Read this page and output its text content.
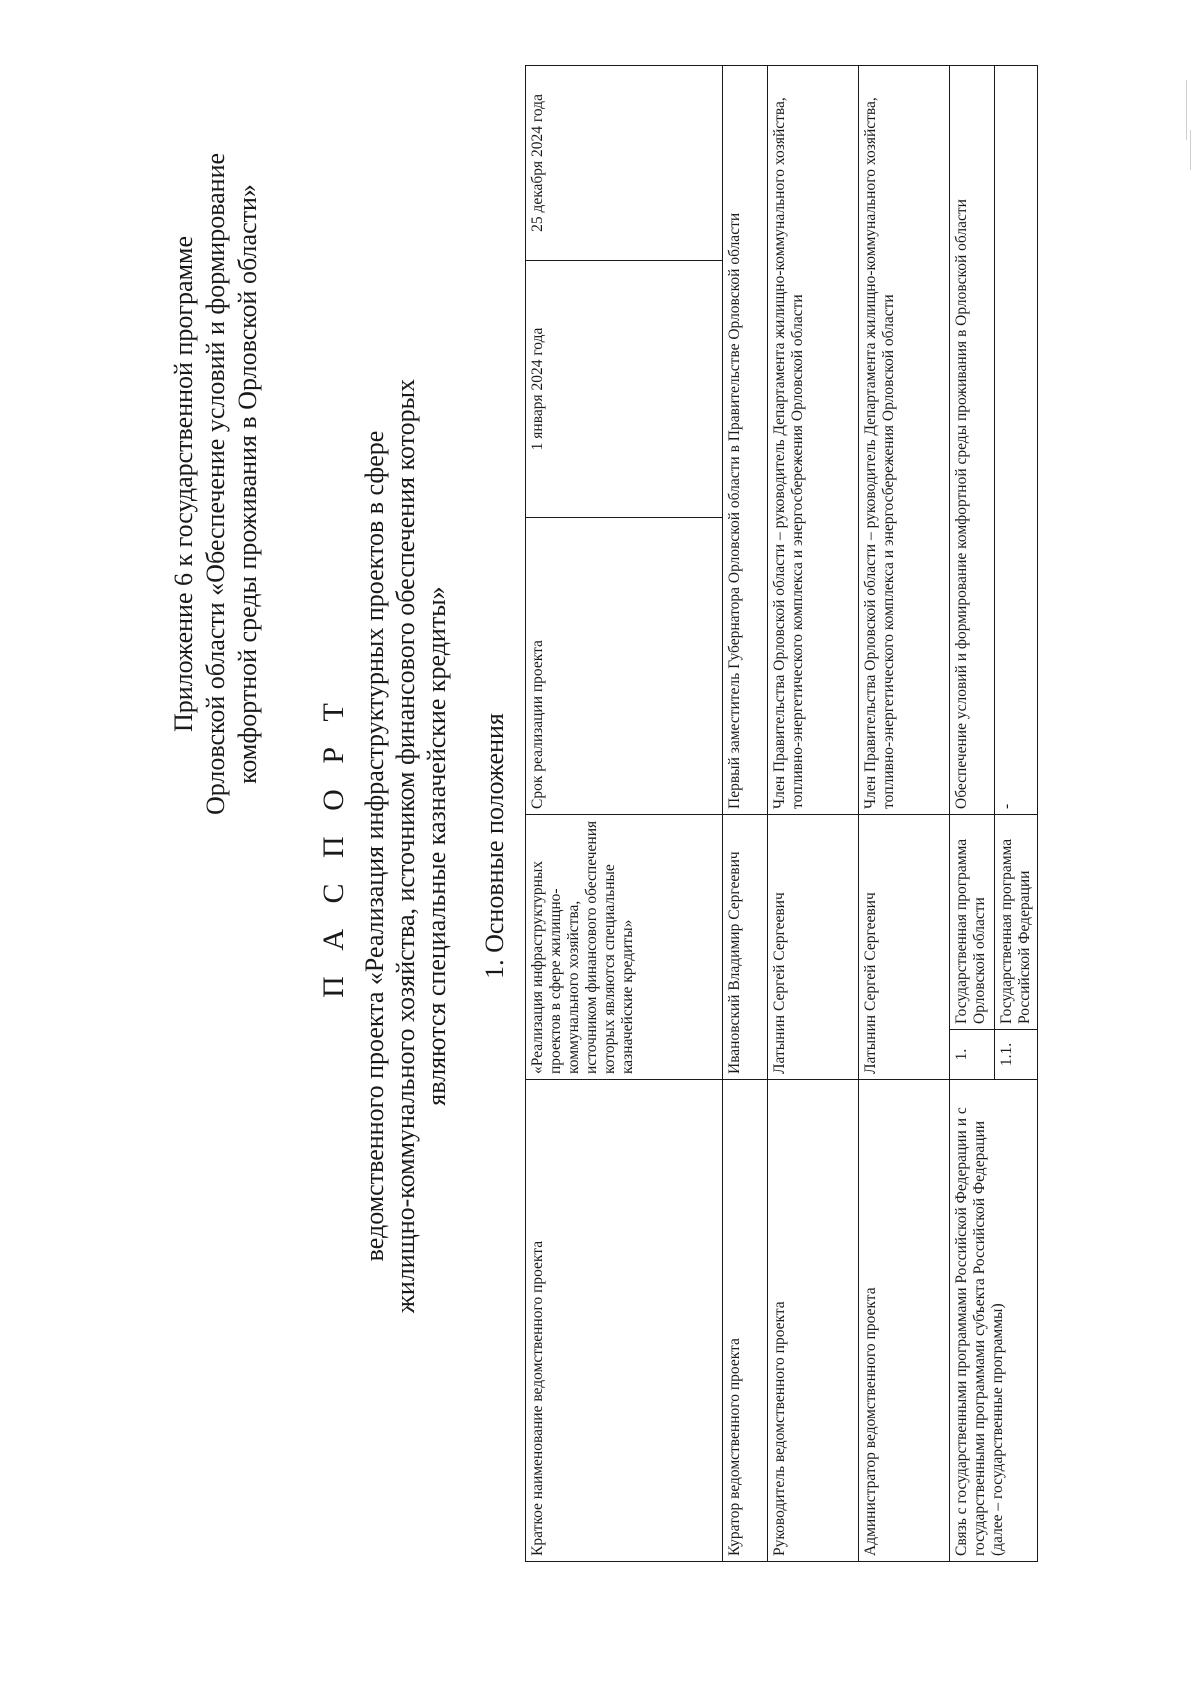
Приложение 6 к государственной программе Орловской области «Обеспечение условий и формирование комфортной среды проживания в Орловской области»
П А С П О Р Т ведомственного проекта «Реализация инфраструктурных проектов в сфере жилищно-коммунального хозяйства, источником финансового обеспечения которых являются специальные казначейские кредиты» 1. Основные положения
Краткое наименование ведомственного проекта	«Реализация инфраструктурных проектов в сфере жилищно-коммунального хозяйства, источником финансового обеспечения которых являются специальные казначейские кредиты»		Срок реализации проекта	1 января 2024 года	25 декабря 2024 года
Куратор ведомственного проекта	Ивановский Владимир Сергеевич		Первый заместитель Губернатора Орловской области в Правительстве Орловской области		
Руководитель ведомственного проекта	Латынин Сергей Сергеевич		Член Правительства Орловской области – руководитель Департамента жилищно-коммунального хозяйства, топливно-энергетического комплекса и энергосбережения Орловской области		
Администратор ведомственного проекта	Латынин Сергей Сергеевич		Член Правительства Орловской области – руководитель Департамента жилищно-коммунального хозяйства, топливно-энергетического комплекса и энергосбережения Орловской области		
Связь с государственными программами Российской Федерации и с государственными программами субъекта Российской Федерации (далее – государственные программы)	1.	Государственная программа Орловской области	Обеспечение условий и формирование комфортной среды проживания в Орловской области		
	1.1.	Государственная программа Российской Федерации	-		
